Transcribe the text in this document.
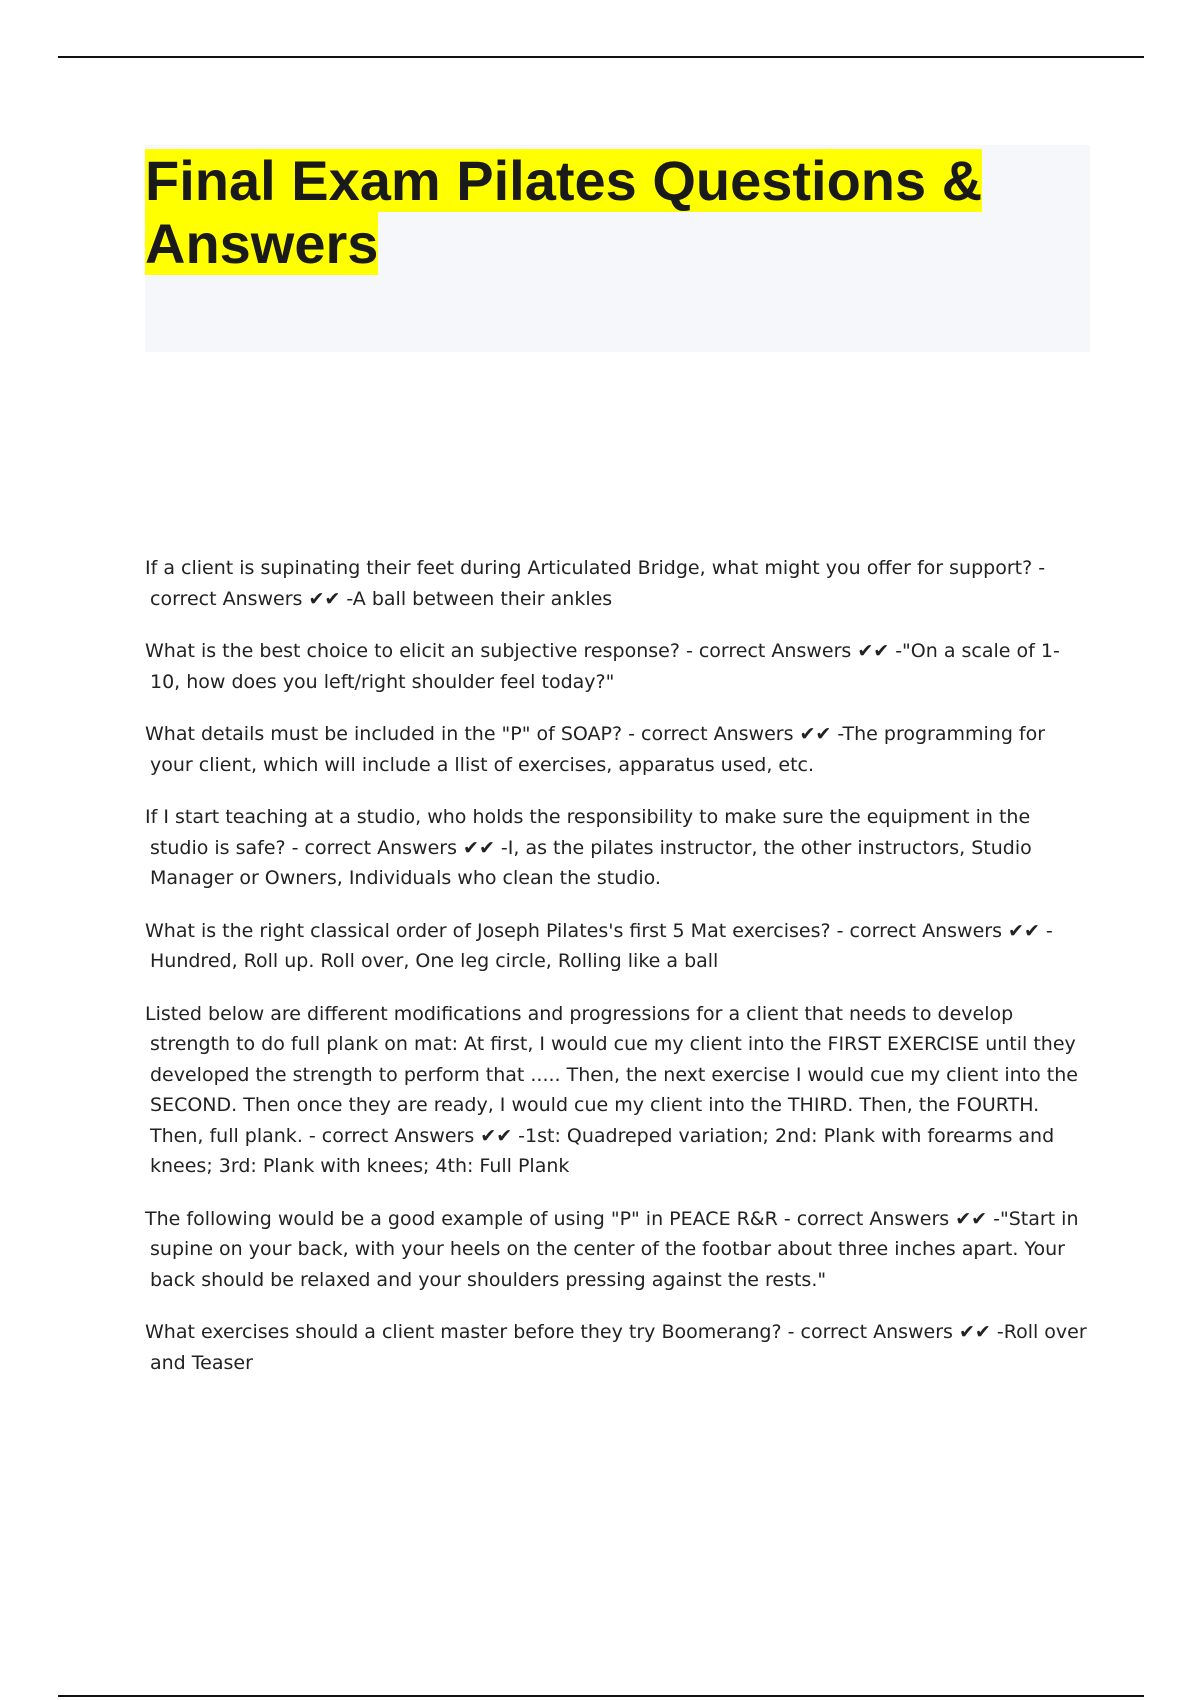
Final Exam Pilates Questions & Answers

If a client is supinating their feet during Articulated Bridge, what might you offer for support? - correct Answers ✔✔ -A ball between their ankles

What is the best choice to elicit an subjective response? - correct Answers ✔✔ -"On a scale of 1-10, how does you left/right shoulder feel today?"

What details must be included in the "P" of SOAP? - correct Answers ✔✔ -The programming for your client, which will include a llist of exercises, apparatus used, etc.

If I start teaching at a studio, who holds the responsibility to make sure the equipment in the studio is safe? - correct Answers ✔✔ -I, as the pilates instructor, the other instructors, Studio Manager or Owners, Individuals who clean the studio.

What is the right classical order of Joseph Pilates's first 5 Mat exercises? - correct Answers ✔✔ -Hundred, Roll up. Roll over, One leg circle, Rolling like a ball

Listed below are different modifications and progressions for a client that needs to develop strength to do full plank on mat: At first, I would cue my client into the FIRST EXERCISE until they developed the strength to perform that ..... Then, the next exercise I would cue my client into the SECOND. Then once they are ready, I would cue my client into the THIRD. Then, the FOURTH. Then, full plank. - correct Answers ✔✔ -1st: Quadreped variation; 2nd: Plank with forearms and knees; 3rd: Plank with knees; 4th: Full Plank

The following would be a good example of using "P" in PEACE R&R - correct Answers ✔✔ -"Start in supine on your back, with your heels on the center of the footbar about three inches apart. Your back should be relaxed and your shoulders pressing against the rests."

What exercises should a client master before they try Boomerang? - correct Answers ✔✔ -Roll over and Teaser
